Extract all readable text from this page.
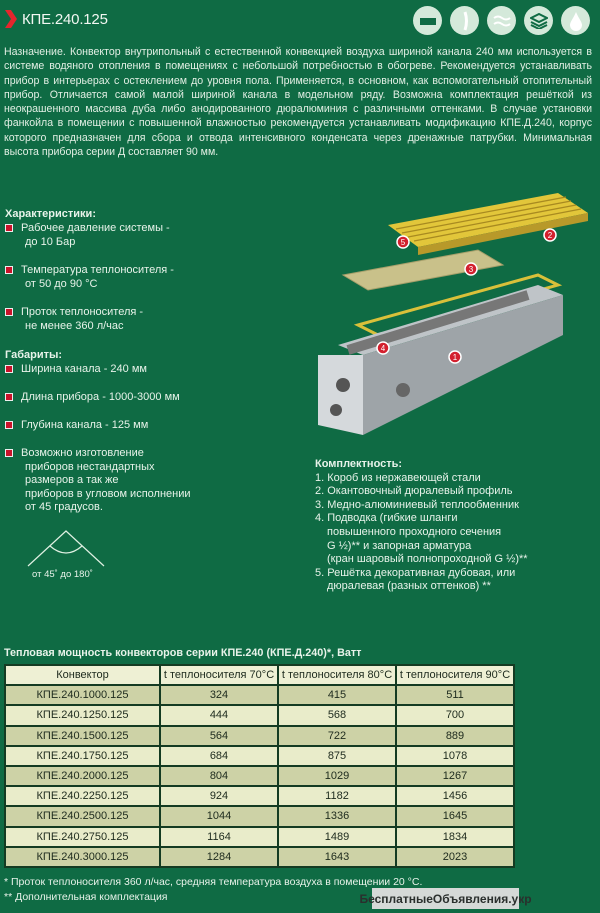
КПЕ.240.125

Назначение. Конвектор внутрипольный с естественной конвекцией воздуха шириной канала 240 мм используется в системе водяного отопления в помещениях с небольшой потребностью в обогреве. Рекомендуется устанавливать прибор в интерьерах с остеклением до уровня пола. Применяется, в основном, как вспомогательный отопительный прибор. Отличается самой малой шириной канала в модельном ряду. Возможна комплектация решёткой из неокрашенного массива дуба либо анодированного дюралюминия с различными оттенками. В случае установки фанкойла в помещении с повышенной влажностью рекомендуется устанавливать модификацию КПЕ.Д.240, корпус которого предназначен для сбора и отвода интенсивного конденсата через дренажные патрубки. Минимальная высота прибора серии Д составляет 90 мм.

Характеристики:
Рабочее давление системы -
до 10 Бар
Температура теплоносителя -
от 50 до 90 °С
Проток теплоносителя -
не менее 360 л/час
Габариты:
Ширина канала - 240 мм
Длина прибора - 1000-3000 мм
Глубина канала - 125 мм
Возможно изготовление
приборов нестандартных
размеров а так же
приборов в угловом исполнении
от 45 градусов.
от 45˚ до 180˚
1
2
3
4
5
Комплектность:
1. Короб из нержавеющей стали
2. Окантовочный дюралевый профиль
3. Медно-алюминиевый теплообменник
4. Подводка (гибкие шланги
повышенного проходного сечения
G ½)** и запорная арматура
(кран шаровый полнопроходной G ½)**
5. Решётка декоративная дубовая, или
дюралевая (разных оттенков) **
Тепловая мощность конвекторов серии КПЕ.240 (КПЕ.Д.240)*, Ватт
Конвектор	t теплоносителя 70°С	t теплоносителя 80°С	t теплоносителя 90°С
КПЕ.240.1000.125	324	415	511
КПЕ.240.1250.125	444	568	700
КПЕ.240.1500.125	564	722	889
КПЕ.240.1750.125	684	875	1078
КПЕ.240.2000.125	804	1029	1267
КПЕ.240.2250.125	924	1182	1456
КПЕ.240.2500.125	1044	1336	1645
КПЕ.240.2750.125	1164	1489	1834
КПЕ.240.3000.125	1284	1643	2023
* Проток теплоносителя 360 л/час, средняя температура воздуха в помещении 20 °С.
** Дополнительная комплектация	БесплатныеОбъявления.укр
